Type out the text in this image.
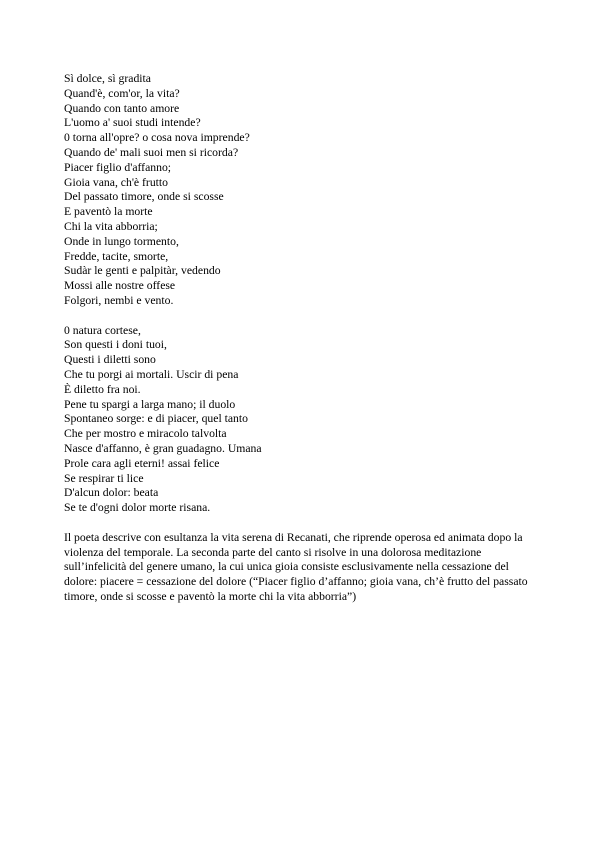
Sì dolce, sì gradita
Quand'è, com'or, la vita?
Quando con tanto amore
L'uomo a' suoi studi intende?
0 torna all'opre? o cosa nova imprende?
Quando de' mali suoi men si ricorda?
Piacer figlio d'affanno;
Gioia vana, ch'è frutto
Del passato timore, onde si scosse
E paventò la morte
Chi la vita abborria;
Onde in lungo tormento,
Fredde, tacite, smorte,
Sudàr le genti e palpitàr, vedendo
Mossi alle nostre offese
Folgori, nembi e vento.
0 natura cortese,
Son questi i doni tuoi,
Questi i diletti sono
Che tu porgi ai mortali. Uscir di pena
È diletto fra noi.
Pene tu spargi a larga mano; il duolo
Spontaneo sorge: e di piacer, quel tanto
Che per mostro e miracolo talvolta
Nasce d'affanno, è gran guadagno. Umana
Prole cara agli eterni! assai felice
Se respirar ti lice
D'alcun dolor: beata
Se te d'ogni dolor morte risana.

Il poeta descrive con esultanza la vita serena di Recanati, che riprende operosa ed animata dopo la violenza del temporale. La seconda parte del canto si risolve in una dolorosa meditazione sull’infelicità del genere umano, la cui unica gioia consiste esclusivamente nella cessazione del dolore: piacere = cessazione del dolore (“Piacer figlio d’affanno; gioia vana, ch’è frutto del passato timore, onde si scosse e paventò la morte chi la vita abborria”)
